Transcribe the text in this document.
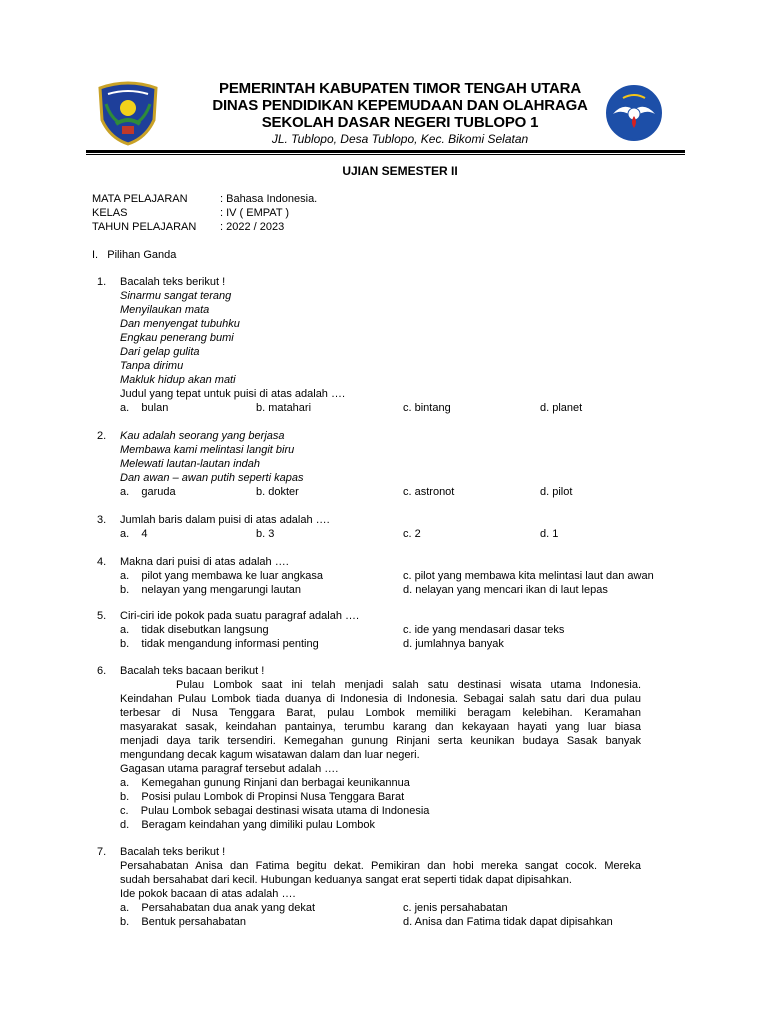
PEMERINTAH KABUPATEN TIMOR TENGAH UTARA
DINAS PENDIDIKAN KEPEMUDAAN DAN OLAHRAGA
SEKOLAH DASAR NEGERI TUBLOPO 1
JL. Tublopo, Desa Tublopo, Kec. Bikomi Selatan
UJIAN SEMESTER II
MATA PELAJARAN	: Bahasa Indonesia.
KELAS	: IV ( EMPAT )
TAHUN PELAJARAN : 2022 / 2023
I.   Pilihan Ganda
1. Bacalah teks berikut !
Sinarmu sangat terang
Menyilaukan mata
Dan menyengat tubuhku
Engkau penerang bumi
Dari gelap gulita
Tanpa dirimu
Makluk hidup akan mati
Judul yang tepat untuk puisi di atas adalah ….
a.    bulan	b. matahari	c. bintang	d. planet
2. Kau adalah seorang yang berjasa
Membawa kami melintasi langit biru
Melewati lautan-lautan indah
Dan awan – awan putih seperti kapas
a.    garuda	b. dokter	c. astronot	d. pilot
3. Jumlah baris dalam puisi di atas adalah ….
a.    4	b. 3	c. 2	d. 1
4. Makna dari puisi di atas adalah ….
a.    pilot yang membawa ke luar angkasa	c. pilot yang membawa kita melintasi laut dan awan
b.    nelayan yang mengarungi lautan	d. nelayan yang mencari ikan di laut lepas
5. Ciri-ciri ide pokok pada suatu paragraf adalah ….
a.    tidak disebutkan langsung	c. ide yang mendasari dasar teks
b.    tidak mengandung informasi penting	d. jumlahnya banyak
6. Bacalah teks bacaan berikut !
Pulau Lombok saat ini telah menjadi salah satu destinasi wisata utama Indonesia.
Keindahan Pulau Lombok tiada duanya di Indonesia di Indonesia. Sebagai salah satu dari dua pulau
terbesar di Nusa Tenggara Barat, pulau Lombok memiliki beragam kelebihan. Keramahan
masyarakat sasak, keindahan pantainya, terumbu karang dan kekayaan hayati yang luar biasa
menjadi daya tarik tersendiri. Kemegahan gunung Rinjani serta keunikan budaya Sasak banyak
mengundang decak kagum wisatawan dalam dan luar negeri.
Gagasan utama paragraf tersebut adalah ….
a.    Kemegahan gunung Rinjani dan berbagai keunikannua
b.    Posisi pulau Lombok di Propinsi Nusa Tenggara Barat
c.    Pulau Lombok sebagai destinasi wisata utama di Indonesia
d.    Beragam keindahan yang dimiliki pulau Lombok
7. Bacalah teks berikut !
Persahabatan Anisa dan Fatima begitu dekat. Pemikiran dan hobi mereka sangat cocok. Mereka
sudah bersahabat dari kecil. Hubungan keduanya sangat erat seperti tidak dapat dipisahkan.
Ide pokok bacaan di atas adalah ….
a.    Persahabatan dua anak yang dekat	c. jenis persahabatan
b.    Bentuk persahabatan	d. Anisa dan Fatima tidak dapat dipisahkan
